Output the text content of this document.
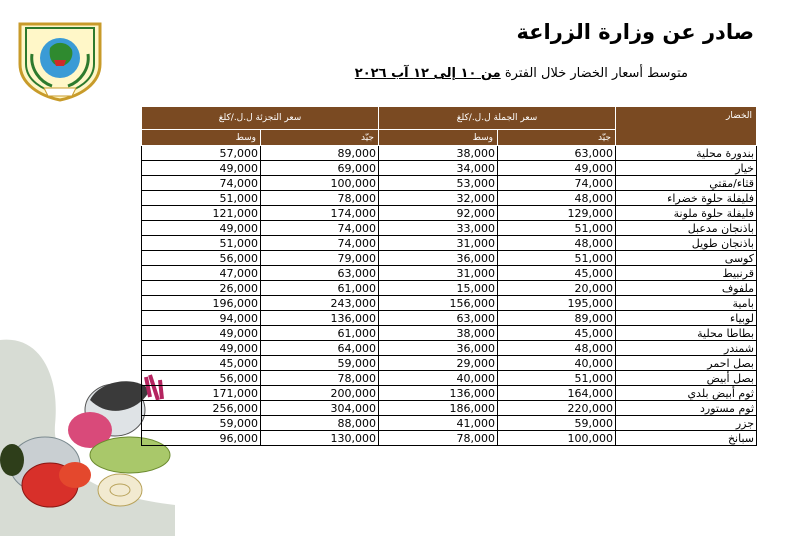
صادر عن وزارة الزراعة
متوسط أسعار الخضار خلال الفترة من ١٠ إلى ١٢ آب ٢٠٢٦
سعر التجزئة ل.ل./كلغ		سعر الجملة ل.ل./كلغ		الخضار
وسط	جيّد	وسط	جيّد	
57,000	89,000	38,000	63,000	بندورة محلية
49,000	69,000	34,000	49,000	خيار
74,000	100,000	53,000	74,000	قثاء/مقتي
51,000	78,000	32,000	48,000	فليفلة حلوة خضراء
121,000	174,000	92,000	129,000	فليفلة حلوة ملونة
49,000	74,000	33,000	51,000	باذنجان مدعبل
51,000	74,000	31,000	48,000	باذنجان طويل
56,000	79,000	36,000	51,000	كوسى
47,000	63,000	31,000	45,000	قرنبيط
26,000	61,000	15,000	20,000	ملفوف
196,000	243,000	156,000	195,000	بامية
94,000	136,000	63,000	89,000	لوبياء
49,000	61,000	38,000	45,000	بطاطا محلية
49,000	64,000	36,000	48,000	شمندر
45,000	59,000	29,000	40,000	بصل احمر
56,000	78,000	40,000	51,000	بصل أبيض
171,000	200,000	136,000	164,000	ثوم أبيض بلدي
256,000	304,000	186,000	220,000	ثوم مستورد
59,000	88,000	41,000	59,000	جزر
96,000	130,000	78,000	100,000	سبانخ
